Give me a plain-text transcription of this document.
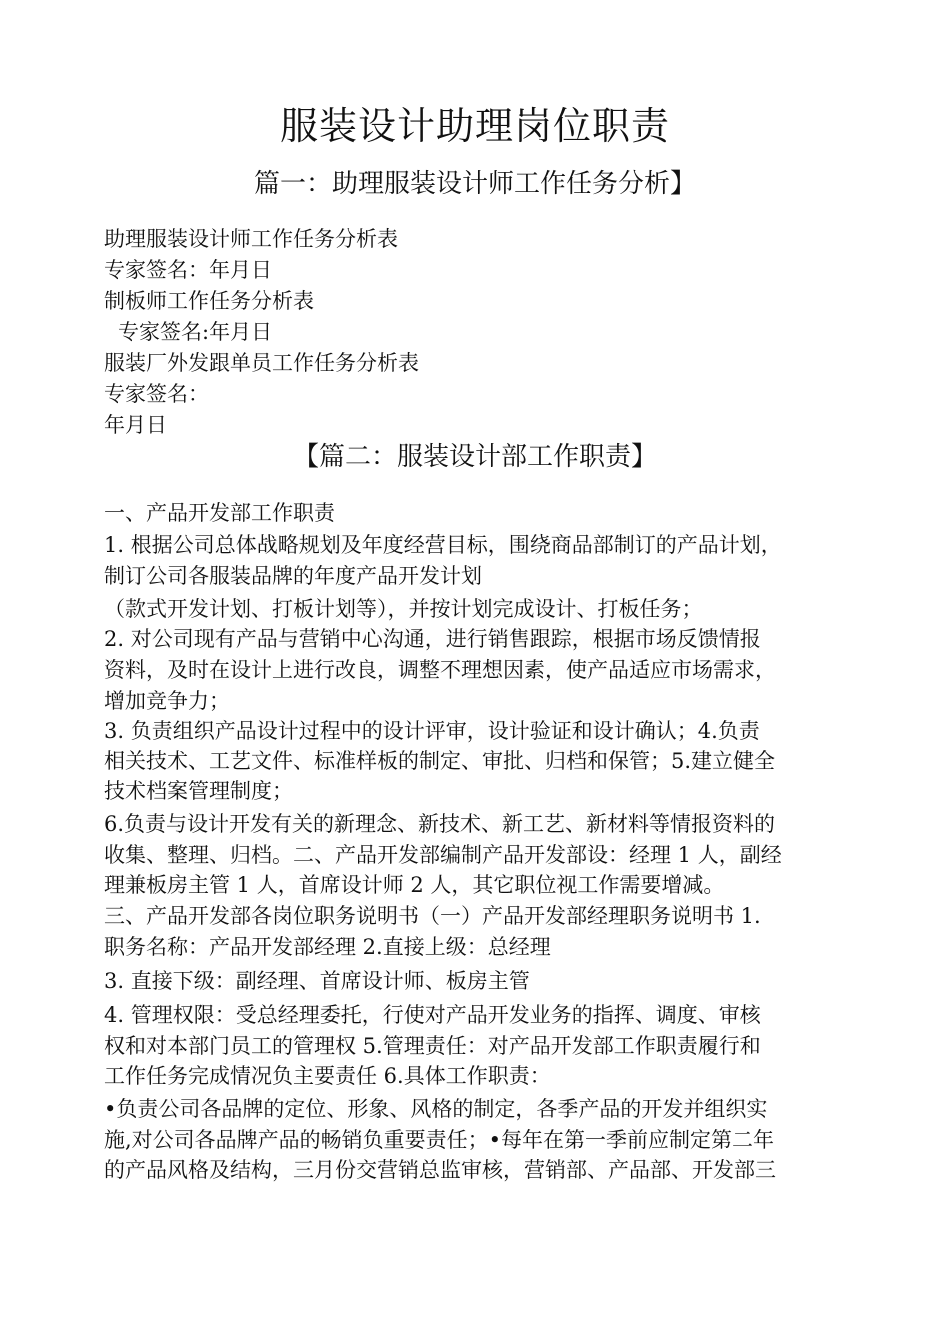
服装设计助理岗位职责
篇一：助理服装设计师工作任务分析】
助理服装设计师工作任务分析表
专家签名：年月日
制板师工作任务分析表
专家签名:年月日
服装厂外发跟单员工作任务分析表
专家签名：
年月日
【篇二：服装设计部工作职责】
一、产品开发部工作职责
1. 根据公司总体战略规划及年度经营目标，围绕商品部制订的产品计划，
制订公司各服装品牌的年度产品开发计划
（款式开发计划、打板计划等），并按计划完成设计、打板任务；
2. 对公司现有产品与营销中心沟通，进行销售跟踪，根据市场反馈情报
资料，及时在设计上进行改良，调整不理想因素，使产品适应市场需求，
增加竞争力；
3. 负责组织产品设计过程中的设计评审，设计验证和设计确认；4.负责
相关技术、工艺文件、标准样板的制定、审批、归档和保管；5.建立健全
技术档案管理制度；
6.负责与设计开发有关的新理念、新技术、新工艺、新材料等情报资料的
收集、整理、归档。二、产品开发部编制产品开发部设：经理 1 人，副经
理兼板房主管 1 人，首席设计师 2 人，其它职位视工作需要增减。
三、产品开发部各岗位职务说明书（一）产品开发部经理职务说明书 1.
职务名称：产品开发部经理 2.直接上级：总经理
3. 直接下级：副经理、首席设计师、板房主管
4. 管理权限：受总经理委托，行使对产品开发业务的指挥、调度、审核
权和对本部门员工的管理权 5.管理责任：对产品开发部工作职责履行和
工作任务完成情况负主要责任 6.具体工作职责：
•负责公司各品牌的定位、形象、风格的制定，各季产品的开发并组织实
施,对公司各品牌产品的畅销负重要责任；•每年在第一季前应制定第二年
的产品风格及结构，三月份交营销总监审核，营销部、产品部、开发部三
